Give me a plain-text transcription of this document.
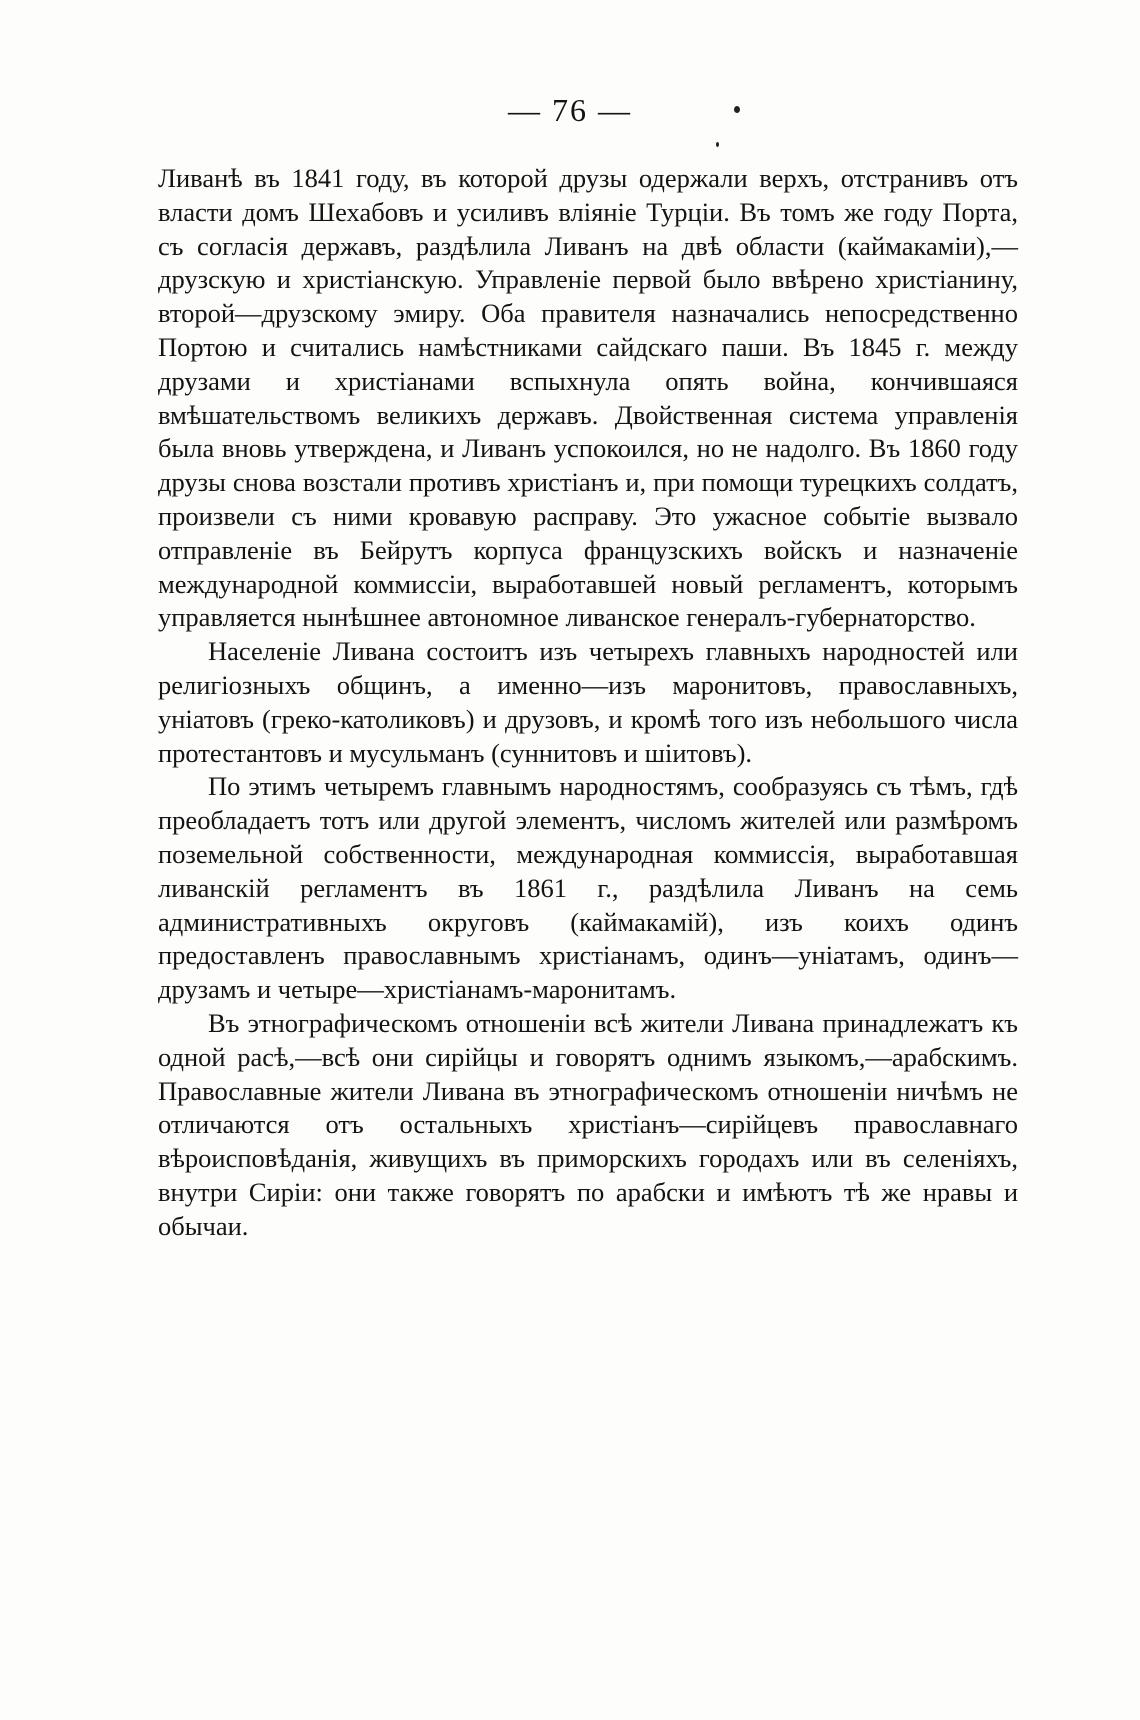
— 76 —

Ливанѣ въ 1841 году, въ которой друзы одержали верхъ, отстранивъ отъ власти домъ Шехабовъ и усиливъ вліяніе Турціи. Въ томъ же году Порта, съ согласія державъ, раздѣлила Ливанъ на двѣ области (каймакаміи),—друзскую и христіанскую. Управленіе первой было ввѣрено христіанину, второй—друзскому эмиру. Оба правителя назначались непосредственно Портою и считались намѣстниками сайдскаго паши. Въ 1845 г. между друзами и христіанами вспыхнула опять война, кончившаяся вмѣшательствомъ великихъ державъ. Двойственная система управленія была вновь утверждена, и Ливанъ успокоился, но не надолго. Въ 1860 году друзы снова возстали противъ христіанъ и, при помощи турецкихъ солдатъ, произвели съ ними кровавую расправу. Это ужасное событіе вызвало отправленіе въ Бейрутъ корпуса французскихъ войскъ и назначеніе международной коммиссіи, выработавшей новый регламентъ, которымъ управляется нынѣшнее автономное ливанское генералъ-губернаторство.

Населеніе Ливана состоитъ изъ четырехъ главныхъ народностей или религіозныхъ общинъ, а именно—изъ маронитовъ, православныхъ, уніатовъ (греко-католиковъ) и друзовъ, и кромѣ того изъ небольшого числа протестантовъ и мусульманъ (суннитовъ и шіитовъ).

По этимъ четыремъ главнымъ народностямъ, сообразуясь съ тѣмъ, гдѣ преобладаетъ тотъ или другой элементъ, числомъ жителей или размѣромъ поземельной собственности, международная коммиссія, выработавшая ливанскій регламентъ въ 1861 г., раздѣлила Ливанъ на семь административныхъ округовъ (каймакамій), изъ коихъ одинъ предоставленъ православнымъ христіанамъ, одинъ—уніатамъ, одинъ—друзамъ и четыре—христіанамъ-маронитамъ.

Въ этнографическомъ отношеніи всѣ жители Ливана принадлежатъ къ одной расѣ,—всѣ они сирійцы и говорятъ однимъ языкомъ,—арабскимъ. Православные жители Ливана въ этнографическомъ отношеніи ничѣмъ не отличаются отъ остальныхъ христіанъ—сирійцевъ православнаго вѣроисповѣданія, живущихъ въ приморскихъ городахъ или въ селеніяхъ, внутри Сиріи: они также говорятъ по арабски и имѣютъ тѣ же нравы и обычаи.
